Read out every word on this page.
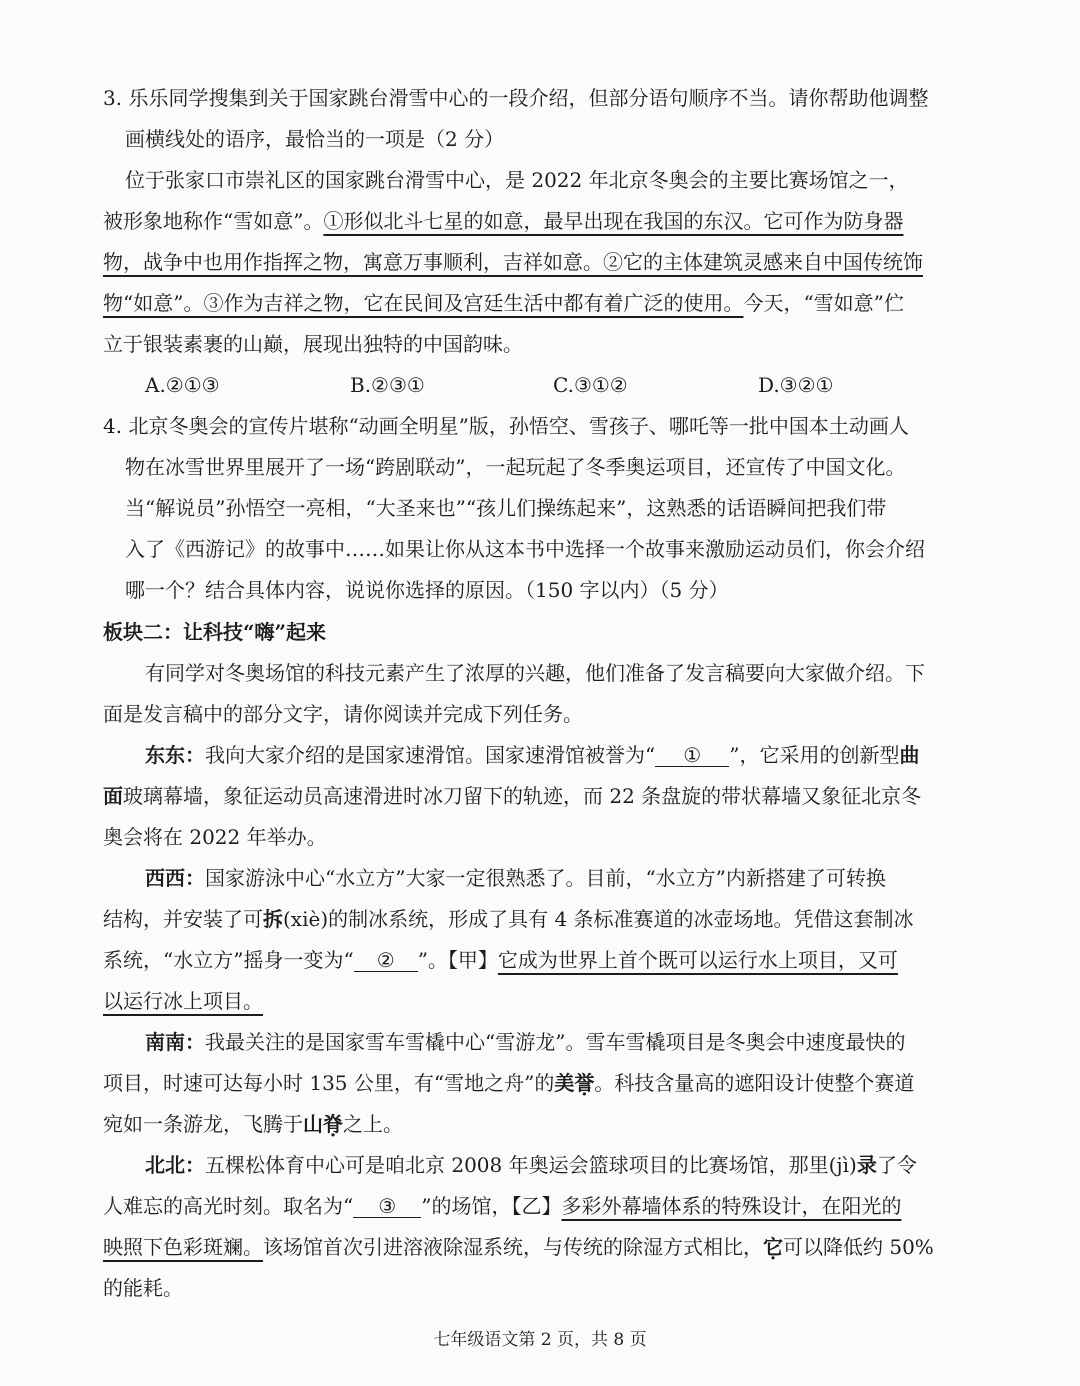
3. 乐乐同学搜集到关于国家跳台滑雪中心的一段介绍，但部分语句顺序不当。请你帮助他调整
画横线处的语序，最恰当的一项是（2 分）
位于张家口市崇礼区的国家跳台滑雪中心，是 2022 年北京冬奥会的主要比赛场馆之一，
被形象地称作“雪如意”。①形似北斗七星的如意，最早出现在我国的东汉。它可作为防身器
物，战争中也用作指挥之物，寓意万事顺利，吉祥如意。②它的主体建筑灵感来自中国传统饰
物“如意”。③作为吉祥之物，它在民间及宫廷生活中都有着广泛的使用。今天，“雪如意”伫
立于银装素裹的山巅，展现出独特的中国韵味。
A.②①③	B.②③①	C.③①②	D.③②①
4. 北京冬奥会的宣传片堪称“动画全明星”版，孙悟空、雪孩子、哪吒等一批中国本土动画人
物在冰雪世界里展开了一场“跨剧联动”，一起玩起了冬季奥运项目，还宣传了中国文化。
当“解说员”孙悟空一亮相，“大圣来也”“孩儿们操练起来”，这熟悉的话语瞬间把我们带
入了《西游记》的故事中……如果让你从这本书中选择一个故事来激励运动员们，你会介绍
哪一个？结合具体内容，说说你选择的原因。（150 字以内）（5 分）
板块二：让科技“嗨”起来
有同学对冬奥场馆的科技元素产生了浓厚的兴趣，他们准备了发言稿要向大家做介绍。下
面是发言稿中的部分文字，请你阅读并完成下列任务。
东东：我向大家介绍的是国家速滑馆。国家速滑馆被誉为“ ① ”，它采用的创新型曲
面玻璃幕墙，象征运动员高速滑进时冰刀留下的轨迹，而 22 条盘旋的带状幕墙又象征北京冬
奥会将在 2022 年举办。
西西：国家游泳中心“水立方”大家一定很熟悉了。目前，“水立方”内新搭建了可转换
结构，并安装了可拆(xiè)的制冰系统，形成了具有 4 条标准赛道的冰壶场地。凭借这套制冰
系统，“水立方”摇身一变为“ ② ”。【甲】它成为世界上首个既可以运行水上项目，又可
以运行冰上项目。
南南：我最关注的是国家雪车雪橇中心“雪游龙”。雪车雪橇项目是冬奥会中速度最快的
项目，时速可达每小时 135 公里，有“雪地之舟”的美誉。科技含量高的遮阳设计使整个赛道
宛如一条游龙，飞腾于山脊之上。
北北：五棵松体育中心可是咱北京 2008 年奥运会篮球项目的比赛场馆，那里(jì)录了令
人难忘的高光时刻。取名为“ ③ ”的场馆，【乙】多彩外幕墙体系的特殊设计，在阳光的
映照下色彩斑斓。该场馆首次引进溶液除湿系统，与传统的除湿方式相比，它可以降低约 50%
的能耗。
七年级语文第 2 页，共 8 页
